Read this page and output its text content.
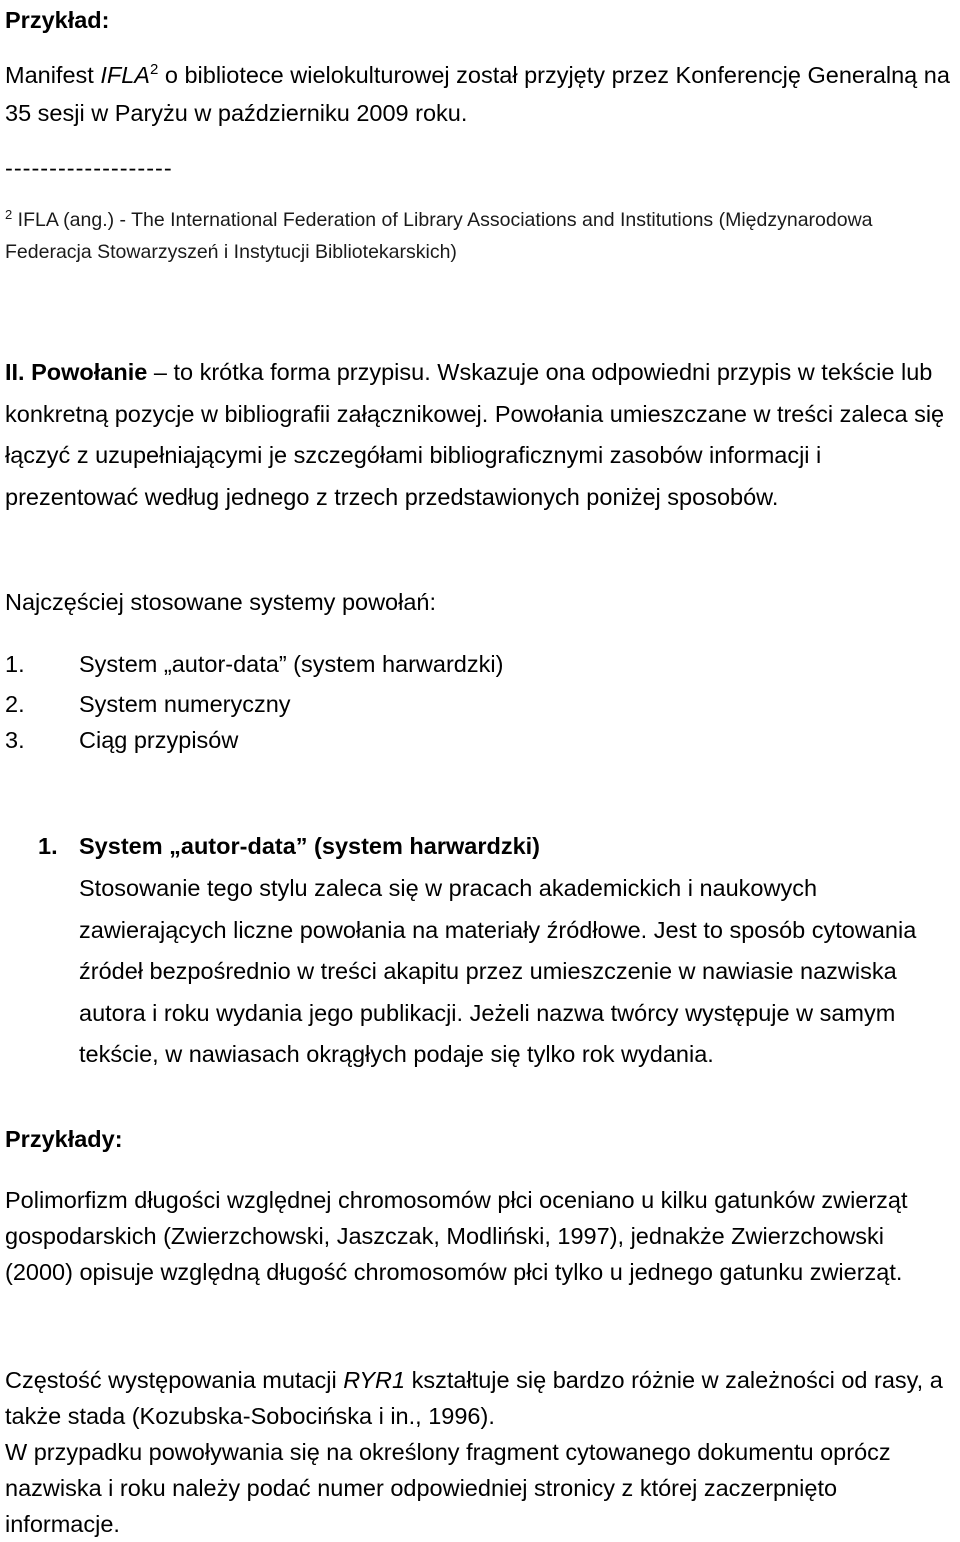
Przykład:
Manifest IFLA$^2$ o bibliotece wielokulturowej został przyjęty przez Konferencję Generalną na 35 sesji w Paryżu w październiku 2009 roku.
-------------------
$^2$ IFLA (ang.) - The International Federation of Library Associations and Institutions (Międzynarodowa Federacja Stowarzyszeń i Instytucji Bibliotekarskich)
II. Powołanie – to krótka forma przypisu. Wskazuje ona odpowiedni przypis w tekście lub konkretną pozycje w bibliografii załącznikowej. Powołania umieszczane w treści zaleca się łączyć z uzupełniającymi je szczegółami bibliograficznymi zasobów informacji i prezentować według jednego z trzech przedstawionych poniżej sposobów.
Najczęściej stosowane systemy powołań:
1. System „autor-data” (system harwardzki)
2. System numeryczny
3. Ciąg przypisów
1. System „autor-data” (system harwardzki)
Stosowanie tego stylu zaleca się w pracach akademickich i naukowych zawierających liczne powołania na materiały źródłowe. Jest to sposób cytowania źródeł bezpośrednio w treści akapitu przez umieszczenie w nawiasie nazwiska autora i roku wydania jego publikacji. Jeżeli nazwa twórcy występuje w samym tekście, w nawiasach okrągłych podaje się tylko rok wydania.
Przykłady:
Polimorfizm długości względnej chromosomów płci oceniano u kilku gatunków zwierząt gospodarskich (Zwierzchowski, Jaszczak, Modliński, 1997), jednakże Zwierzchowski (2000) opisuje względną długość chromosomów płci tylko u jednego gatunku zwierząt.
Częstość występowania mutacji RYR1 kształtuje się bardzo różnie w zależności od rasy, a także stada (Kozubska-Sobocińska i in., 1996).
W przypadku powoływania się na określony fragment cytowanego dokumentu oprócz nazwiska i roku należy podać numer odpowiedniej stronicy z której zaczerpnięto informacje.
